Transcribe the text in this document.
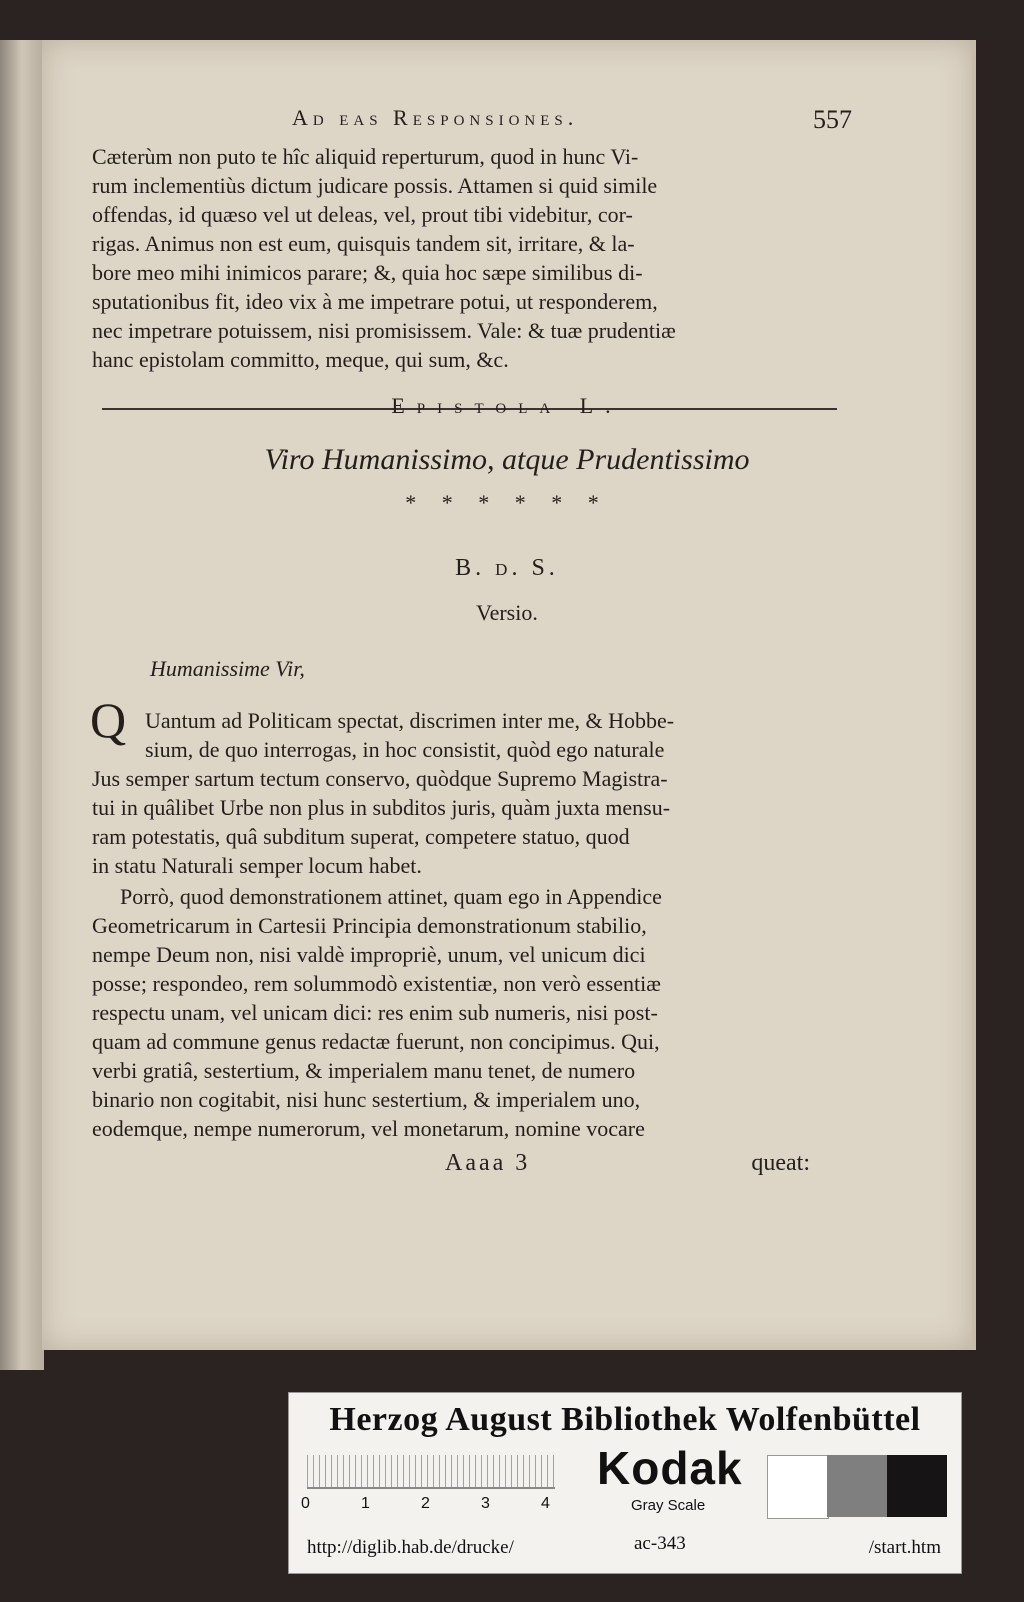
Ad eas Responsiones.	557
Cæterùm non puto te hîc aliquid reperturum, quod in hunc Vi-
rum inclementiùs dictum judicare possis. Attamen si quid simile
offendas, id quæso vel ut deleas, vel, prout tibi videbitur, cor-
rigas. Animus non est eum, quisquis tandem sit, irritare, & la-
bore meo mihi inimicos parare; &, quia hoc sæpe similibus di-
sputationibus fit, ideo vix à me impetrare potui, ut responderem,
nec impetrare potuissem, nisi promisissem. Vale: & tuæ prudentiæ
hanc epistolam committo, meque, qui sum, &c.
Epistola L.
Viro Humanissimo, atque Prudentissimo
* * * * * *
B. d. S.
Versio.
Humanissime Vir,
Q Uantum ad Politicam spectat, discrimen inter me, & Hobbe-
sium, de quo interrogas, in hoc consistit, quòd ego naturale
Jus semper sartum tectum conservo, quòdque Supremo Magistra-
tui in quâlibet Urbe non plus in subditos juris, quàm juxta mensu-
ram potestatis, quâ subditum superat, competere statuo, quod
in statu Naturali semper locum habet.
Porrò, quod demonstrationem attinet, quam ego in Appendice
Geometricarum in Cartesii Principia demonstrationum stabilio,
nempe Deum non, nisi valdè impropriè, unum, vel unicum dici
posse; respondeo, rem solummodò existentiæ, non verò essentiæ
respectu unam, vel unicam dici: res enim sub numeris, nisi post-
quam ad commune genus redactæ fuerunt, non concipimus. Qui,
verbi gratiâ, sestertium, & imperialem manu tenet, de numero
binario non cogitabit, nisi hunc sestertium, & imperialem uno,
eodemque, nempe numerorum, vel monetarum, nomine vocare
Aaaa 3	queat:
Herzog August Bibliothek Wolfenbüttel
0	1	2	3	4
Kodak
Gray Scale
http://diglib.hab.de/drucke/	ac-343	/start.htm
